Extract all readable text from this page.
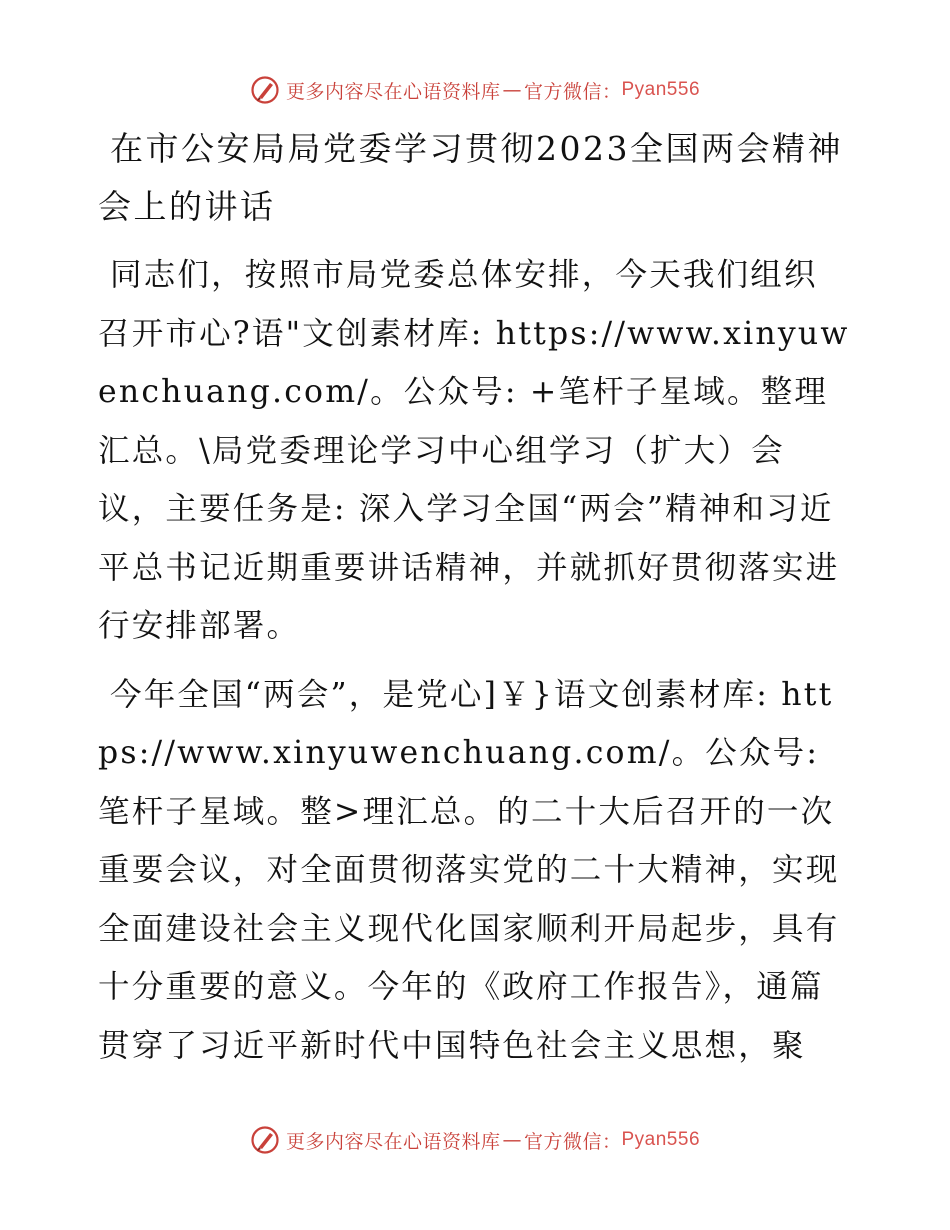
更多内容尽在心语资料库 — 官方微信： Pyan556
在市公安局局党委学习贯彻2023全国两会精神会上的讲话

同志们，按照市局党委总体安排，今天我们组织召开市心?语"文创素材库: https://www.xinyuwenchuang.com/。公众号: +笔杆子星域。整理汇总。\局党委理论学习中心组学习（扩大）会议，主要任务是: 深入学习全国“两会”精神和习近平总书记近期重要讲话精神，并就抓好贯彻落实进行安排部署。

今年全国“两会”，是党心]￥}语文创素材库: https://www.xinyuwenchuang.com/。公众号: 笔杆子星域。整>理汇总。的二十大后召开的一次重要会议，对全面贯彻落实党的二十大精神，实现全面建设社会主义现代化国家顺利开局起步，具有十分重要的意义。今年的《政府工作报告》，通篇贯穿了习近平新时代中国特色社会主义思想，聚

更多内容尽在心语资料库 — 官方微信： Pyan556
